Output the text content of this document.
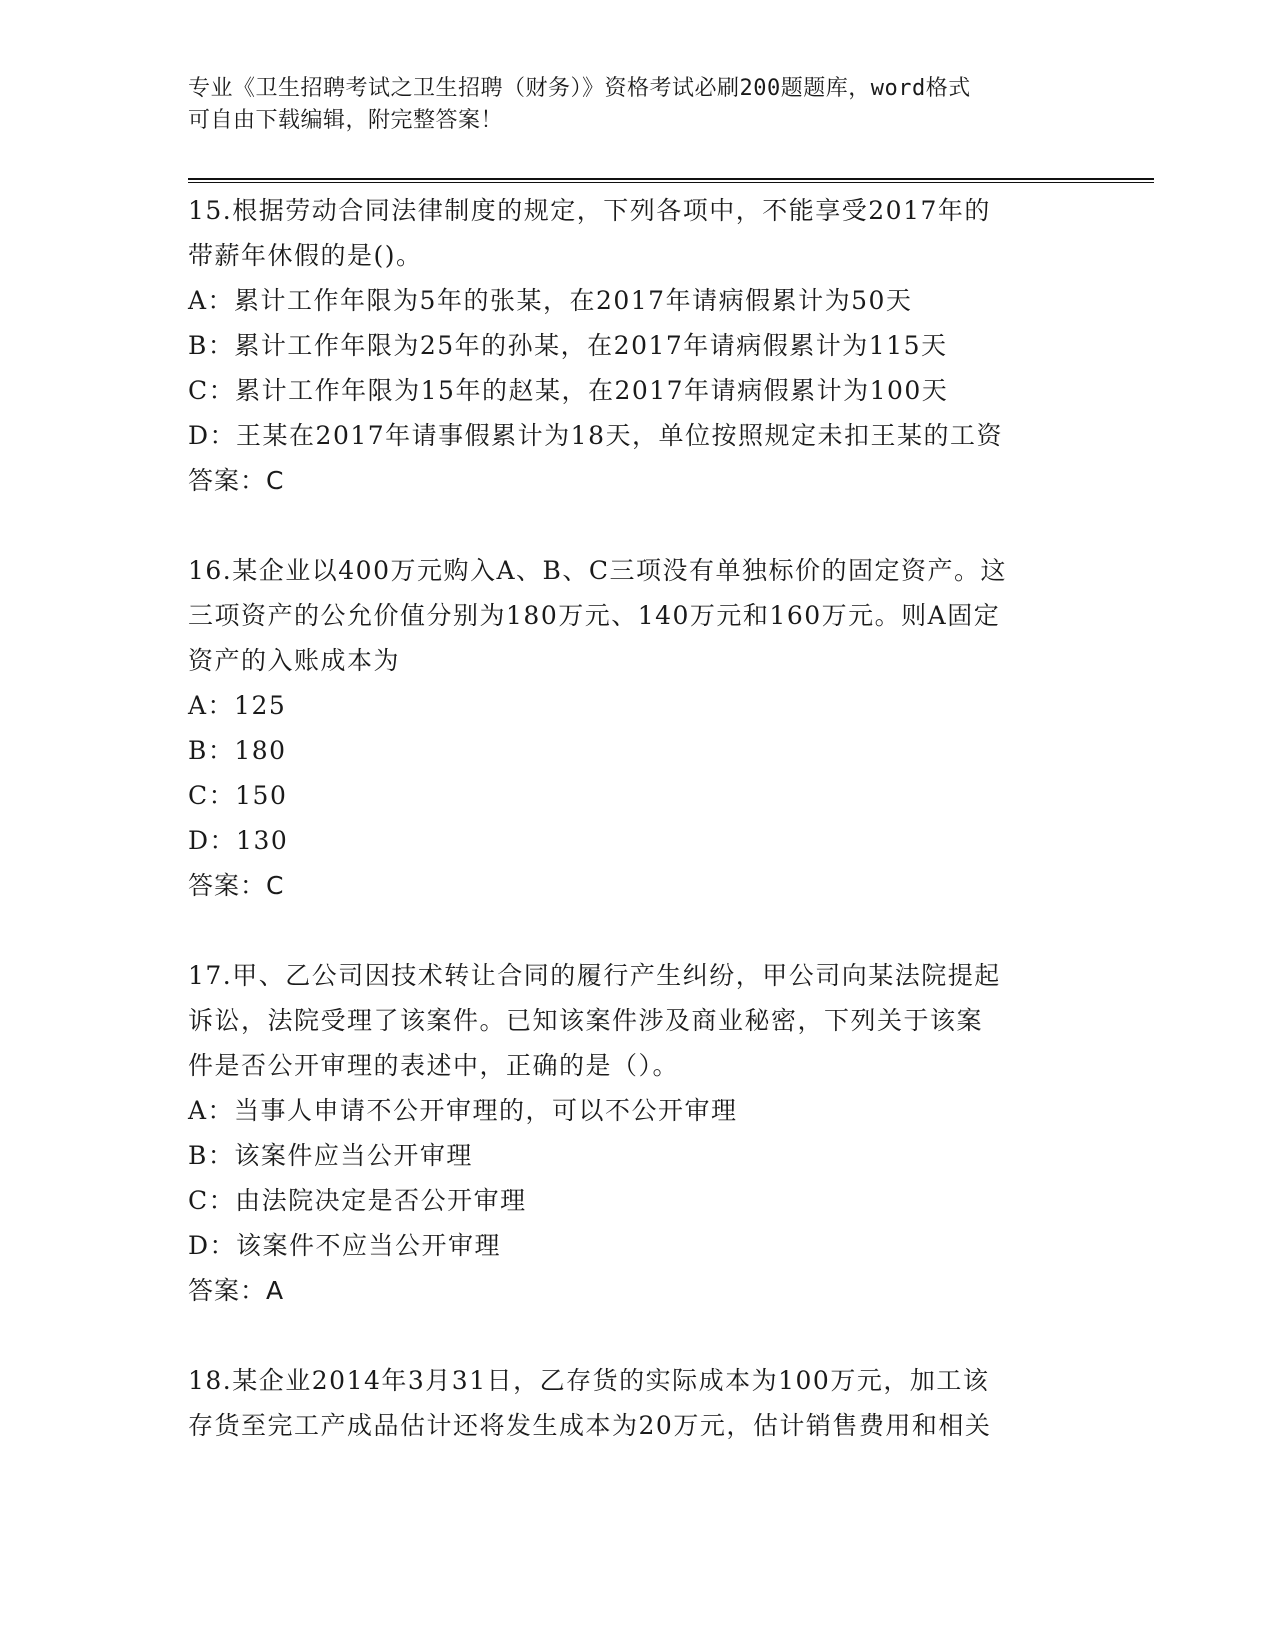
专业《卫生招聘考试之卫生招聘（财务）》资格考试必刷200题题库，word格式
可自由下载编辑，附完整答案！

15.根据劳动合同法律制度的规定，下列各项中，不能享受2017年的

带薪年休假的是()。

A：累计工作年限为5年的张某，在2017年请病假累计为50天

B：累计工作年限为25年的孙某，在2017年请病假累计为115天

C：累计工作年限为15年的赵某，在2017年请病假累计为100天

D：王某在2017年请事假累计为18天，单位按照规定未扣王某的工资

答案：C

16.某企业以400万元购入A、B、C三项没有单独标价的固定资产。这

三项资产的公允价值分别为180万元、140万元和160万元。则A固定

资产的入账成本为

A：125

B：180

C：150

D：130

答案：C

17.甲、乙公司因技术转让合同的履行产生纠纷，甲公司向某法院提起

诉讼，法院受理了该案件。已知该案件涉及商业秘密，下列关于该案

件是否公开审理的表述中，正确的是（）。

A：当事人申请不公开审理的，可以不公开审理

B：该案件应当公开审理

C：由法院决定是否公开审理

D：该案件不应当公开审理

答案：A

18.某企业2014年3月31日，乙存货的实际成本为100万元，加工该

存货至完工产成品估计还将发生成本为20万元，估计销售费用和相关
